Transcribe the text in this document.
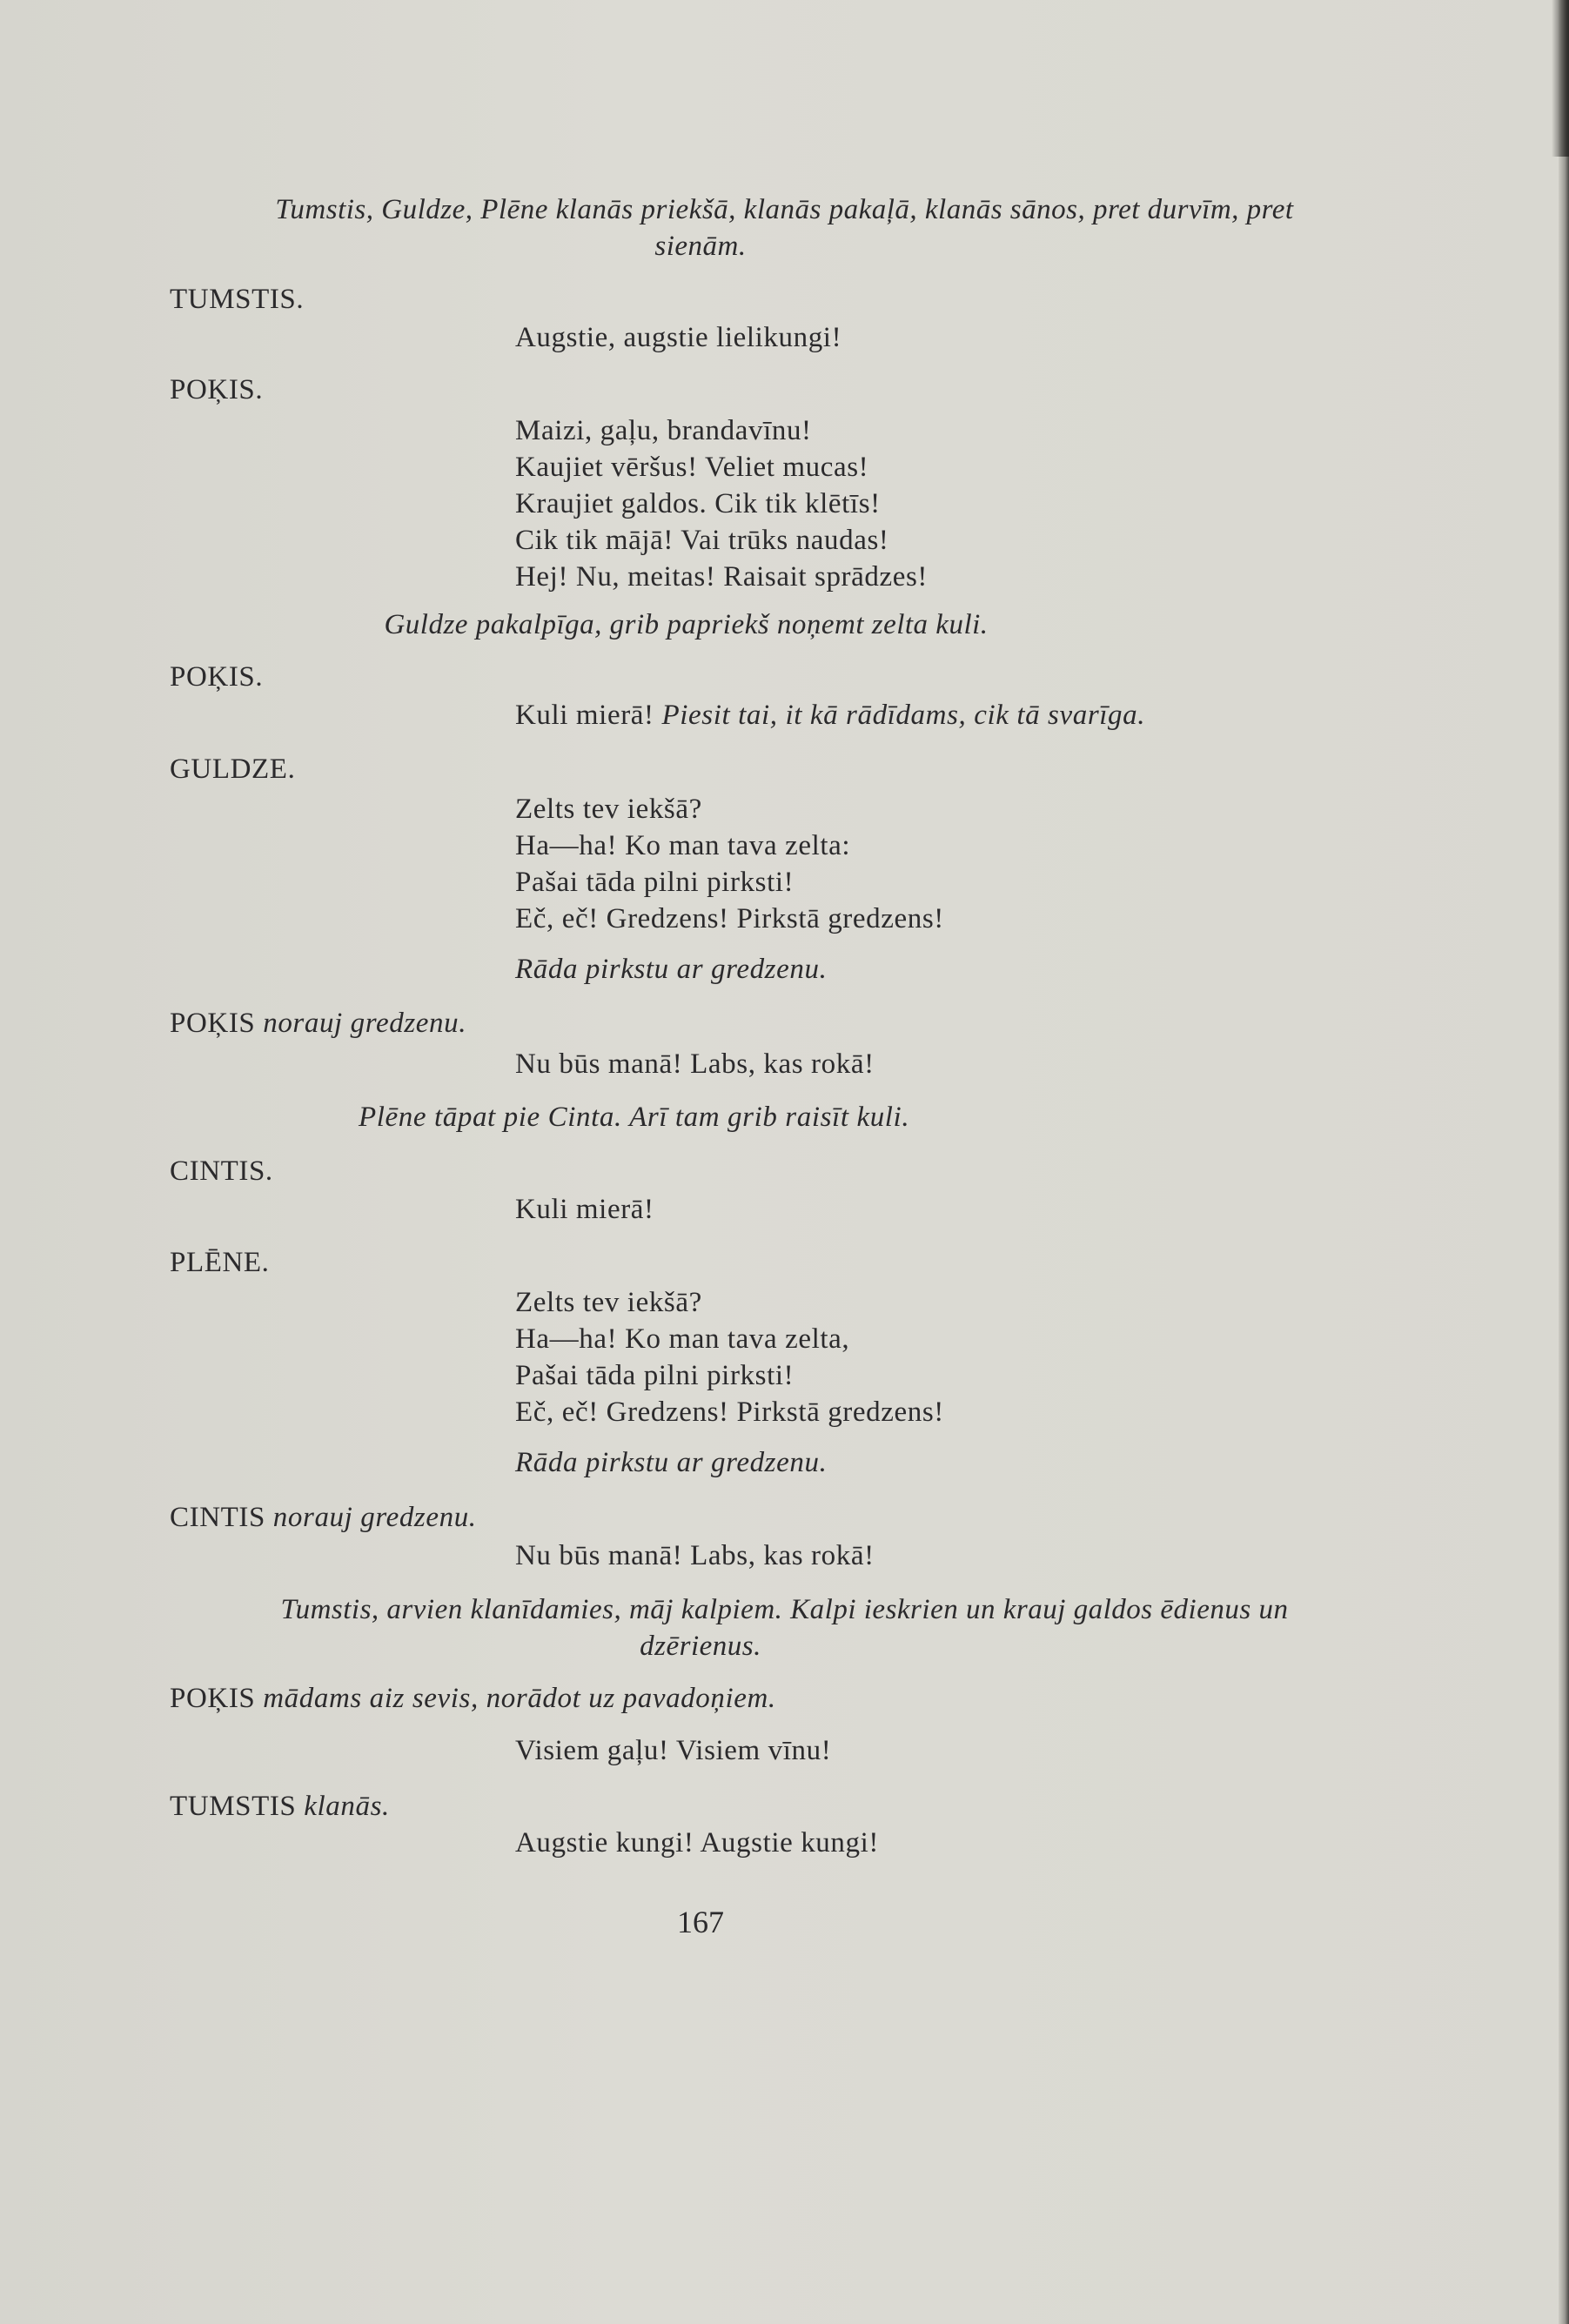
Tumstis, Guldze, Plēne klanās priekšā, klanās pakaļā, klanās sānos, pret durvīm, pret
sienām.
TUMSTIS.
Augstie, augstie lielikungi!
POĶIS.
Maizi, gaļu, brandavīnu!
Kaujiet vēršus! Veliet mucas!
Kraujiet galdos. Cik tik klētīs!
Cik tik mājā! Vai trūks naudas!
Hej! Nu, meitas! Raisait sprādzes!
Guldze pakalpīga, grib papriekš noņemt zelta kuli.
POĶIS.
Kuli mierā! Piesit tai, it kā rādīdams, cik tā svarīga.
GULDZE.
Zelts tev iekšā?
Ha—ha! Ko man tava zelta:
Pašai tāda pilni pirksti!
Eč, eč! Gredzens! Pirkstā gredzens!
Rāda pirkstu ar gredzenu.
POĶIS norauj gredzenu.
Nu būs manā! Labs, kas rokā!
Plēne tāpat pie Cinta. Arī tam grib raisīt kuli.
CINTIS.
Kuli mierā!
PLĒNE.
Zelts tev iekšā?
Ha—ha! Ko man tava zelta,
Pašai tāda pilni pirksti!
Eč, eč! Gredzens! Pirkstā gredzens!
Rāda pirkstu ar gredzenu.
CINTIS norauj gredzenu.
Nu būs manā! Labs, kas rokā!
Tumstis, arvien klanīdamies, māj kalpiem. Kalpi ieskrien un krauj galdos ēdienus un
dzērienus.
POĶIS mādams aiz sevis, norādot uz pavadoņiem.
Visiem gaļu! Visiem vīnu!
TUMSTIS klanās.
Augstie kungi! Augstie kungi!
167
